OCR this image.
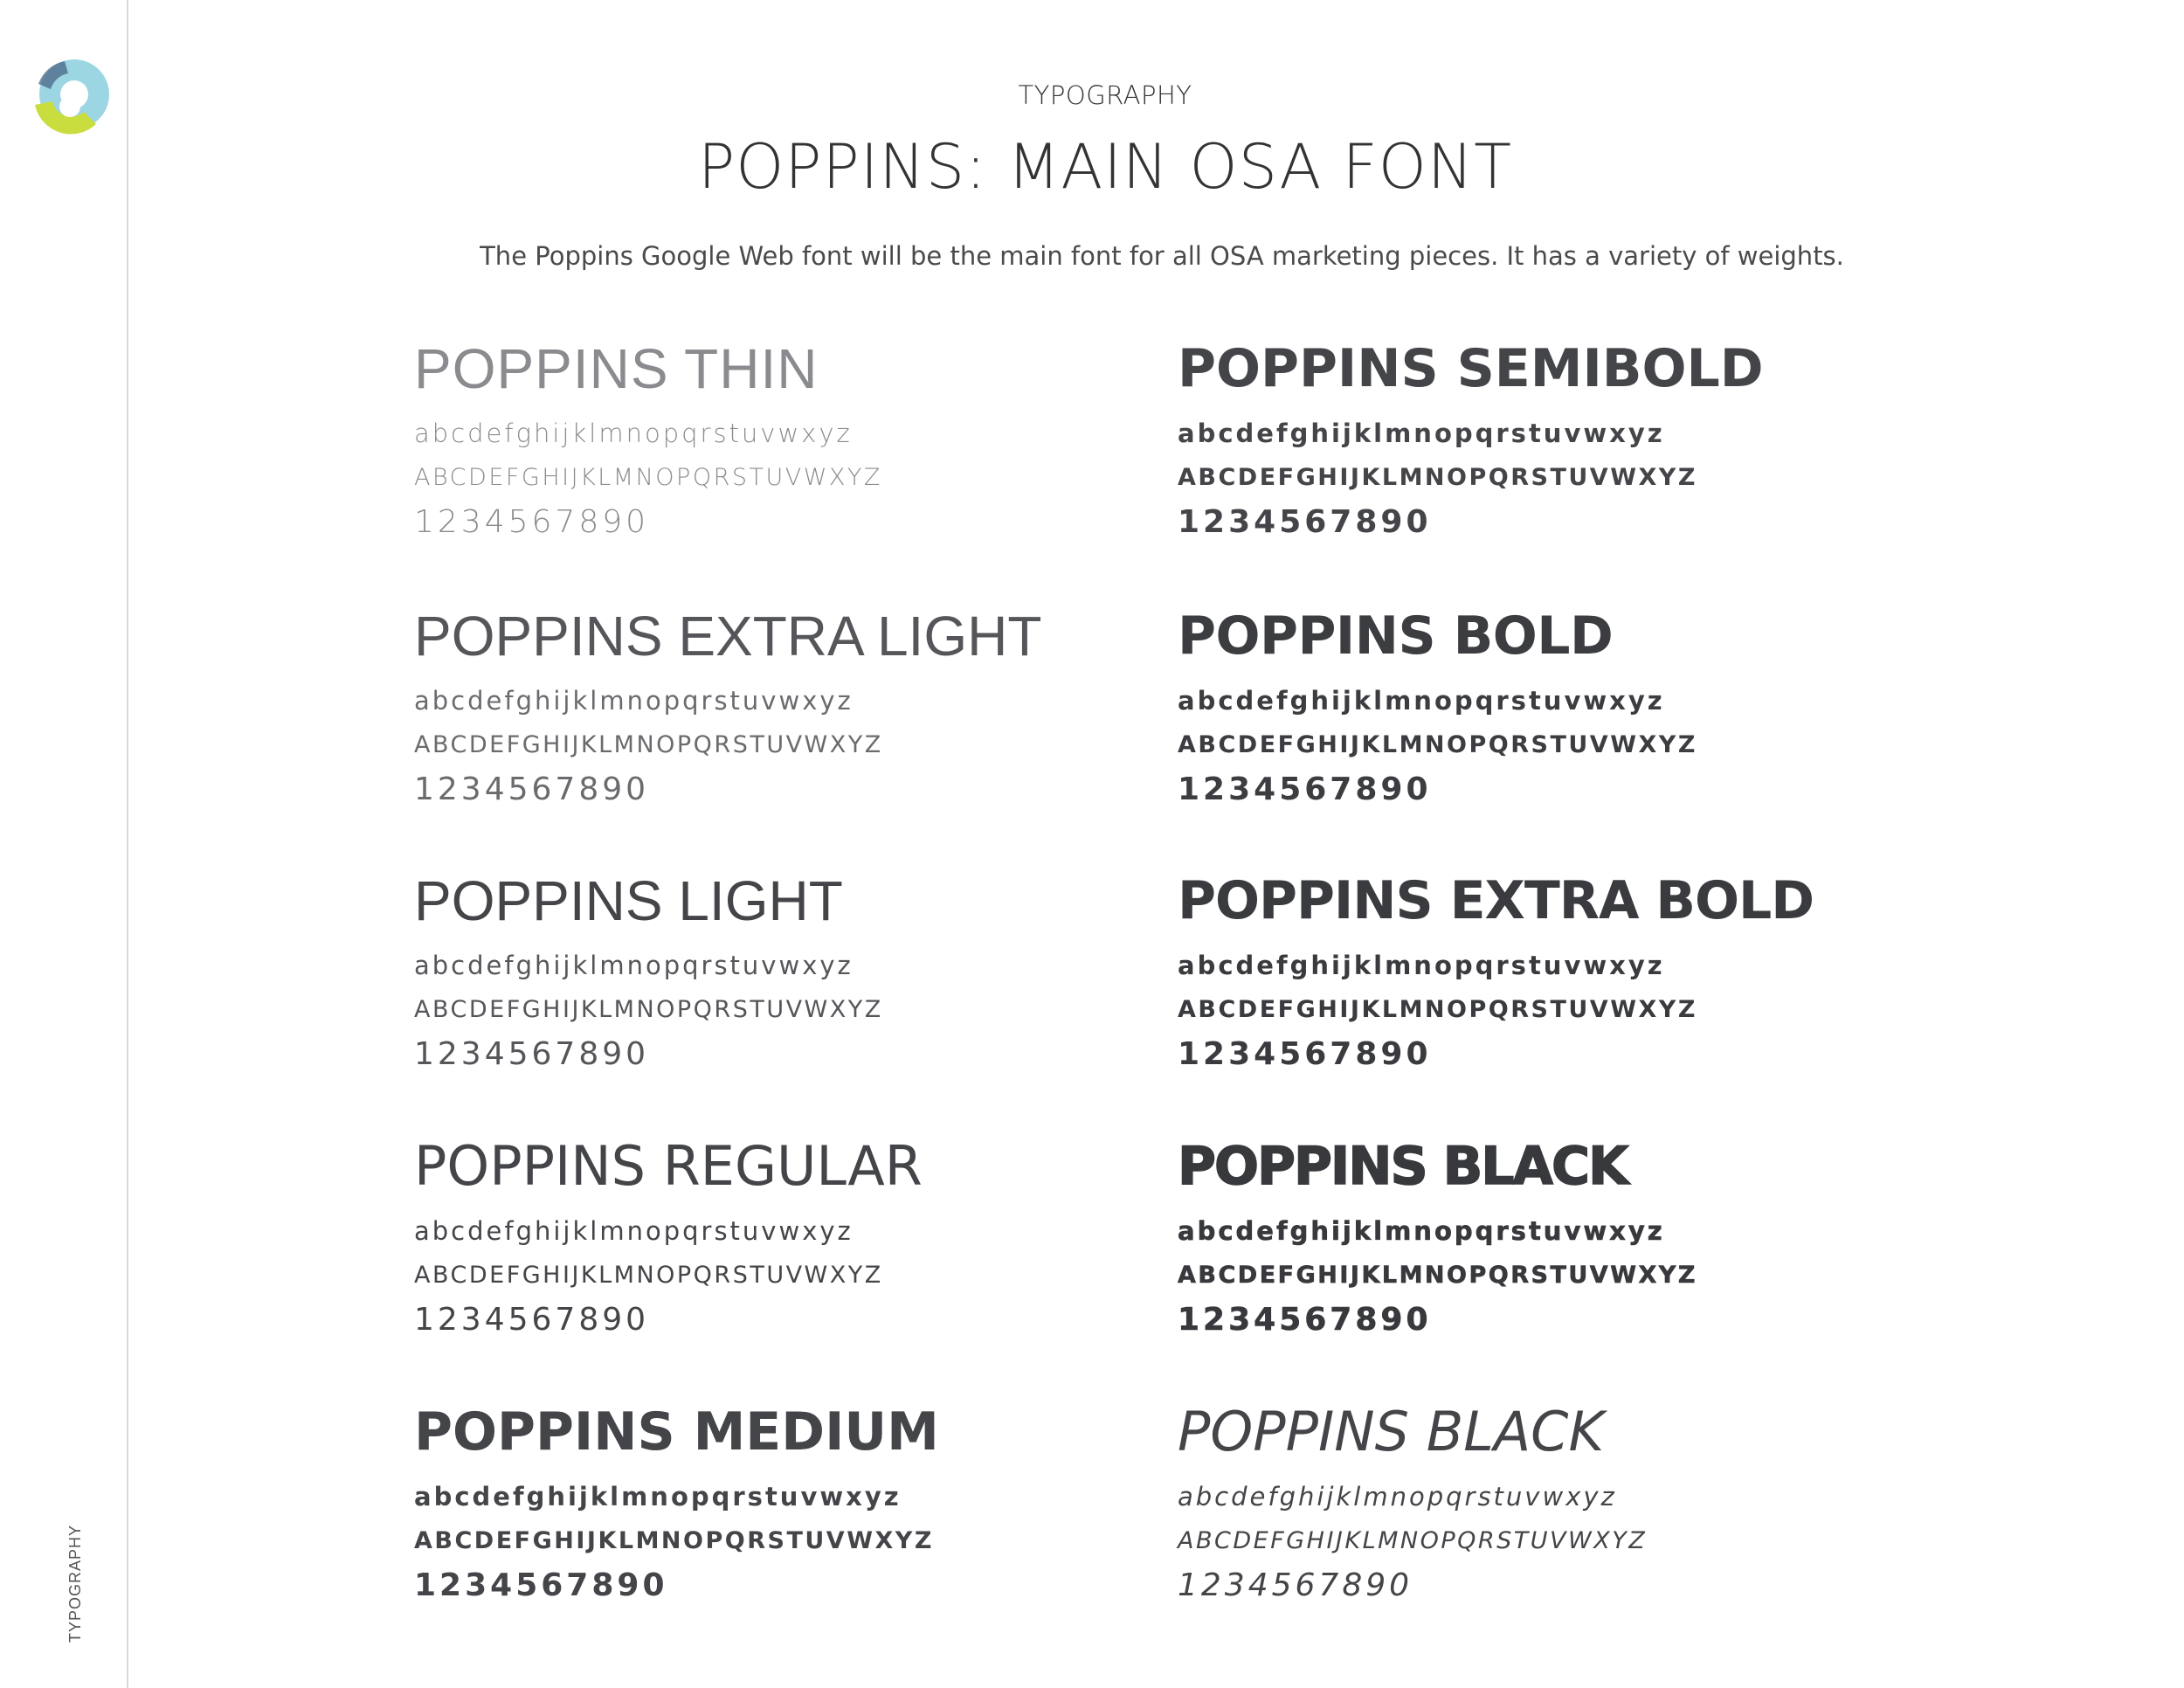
TYPOGRAPHY
TYPOGRAPHY
POPPINS: MAIN OSA FONT
The Poppins Google Web font will be the main font for all OSA marketing pieces. It has a variety of weights.
POPPINS THIN
abcdefghijklmnopqrstuvwxyz
ABCDEFGHIJKLMNOPQRSTUVWXYZ
1234567890
POPPINS EXTRA LIGHT
abcdefghijklmnopqrstuvwxyz
ABCDEFGHIJKLMNOPQRSTUVWXYZ
1234567890
POPPINS LIGHT
abcdefghijklmnopqrstuvwxyz
ABCDEFGHIJKLMNOPQRSTUVWXYZ
1234567890
POPPINS REGULAR
abcdefghijklmnopqrstuvwxyz
ABCDEFGHIJKLMNOPQRSTUVWXYZ
1234567890
POPPINS MEDIUM
abcdefghijklmnopqrstuvwxyz
ABCDEFGHIJKLMNOPQRSTUVWXYZ
1234567890
POPPINS SEMIBOLD
abcdefghijklmnopqrstuvwxyz
ABCDEFGHIJKLMNOPQRSTUVWXYZ
1234567890
POPPINS BOLD
abcdefghijklmnopqrstuvwxyz
ABCDEFGHIJKLMNOPQRSTUVWXYZ
1234567890
POPPINS EXTRA BOLD
abcdefghijklmnopqrstuvwxyz
ABCDEFGHIJKLMNOPQRSTUVWXYZ
1234567890
POPPINS BLACK
abcdefghijklmnopqrstuvwxyz
ABCDEFGHIJKLMNOPQRSTUVWXYZ
1234567890
POPPINS BLACK
abcdefghijklmnopqrstuvwxyz
ABCDEFGHIJKLMNOPQRSTUVWXYZ
1234567890
